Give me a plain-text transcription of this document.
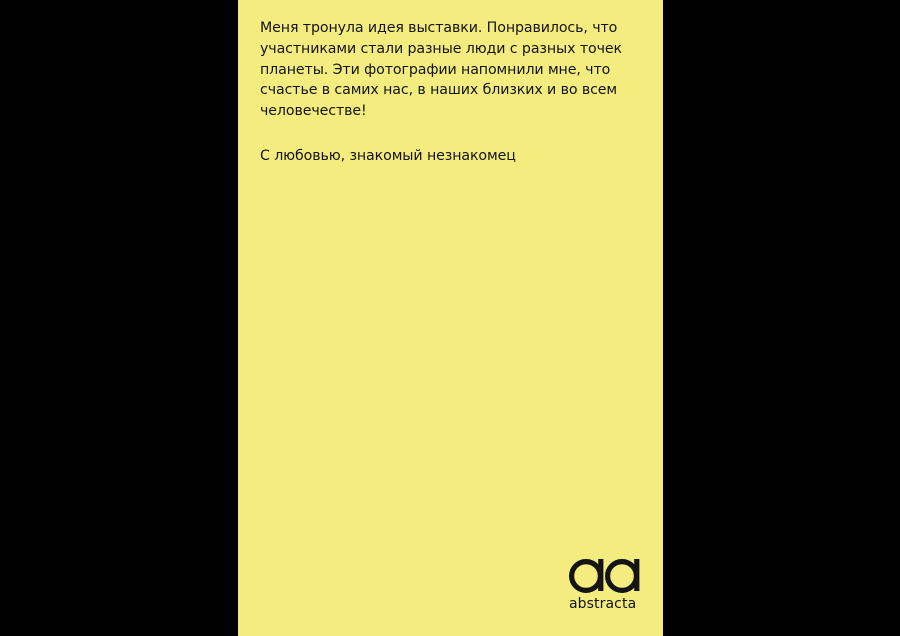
Меня тронула идея выставки. Понравилось, что
участниками стали разные люди с разных точек
планеты. Эти фотографии напомнили мне, что
счастье в самих нас, в наших близких и во всем
человечестве!

С любовью, знакомый незнакомец

abstracta
